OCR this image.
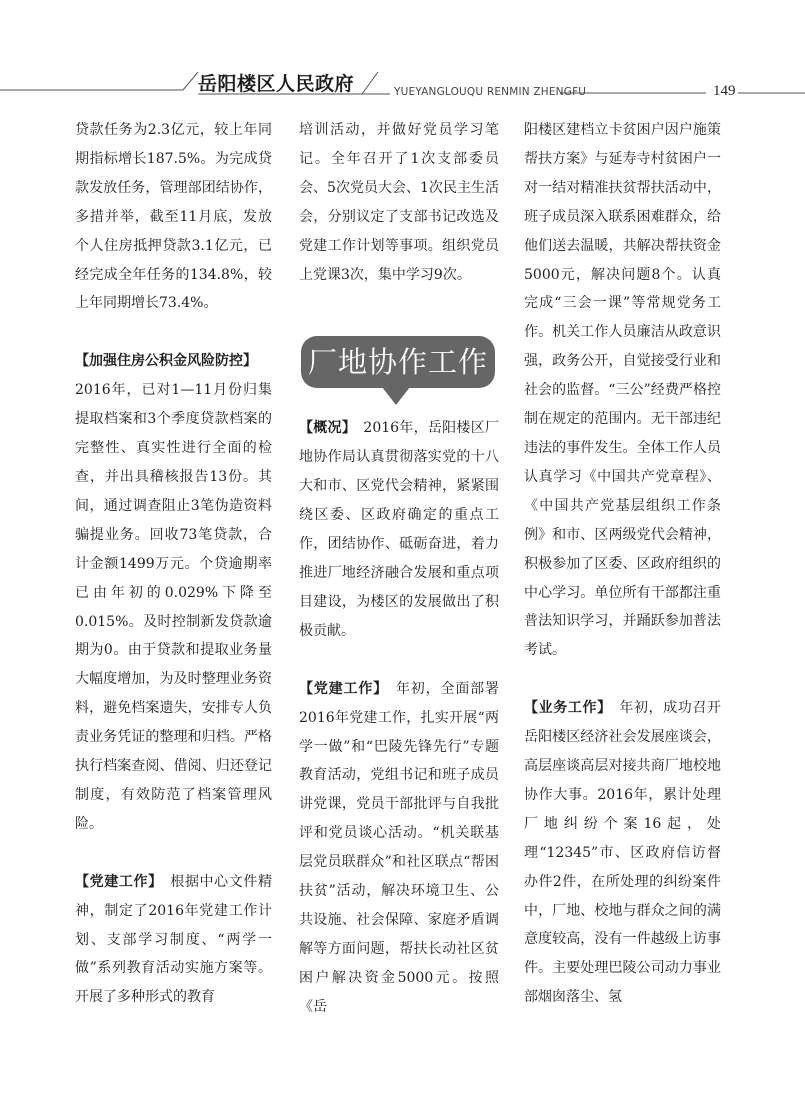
岳阳楼区人民政府	YUEYANGLOUQU RENMIN ZHENGFU	149

贷款任务为2.3亿元，较上年同期指标增长187.5%。为完成贷款发放任务，管理部团结协作，多措并举，截至11月底，发放个人住房抵押贷款3.1亿元，已经完成全年任务的134.8%，较上年同期增长73.4%。

【加强住房公积金风险防控】

2016年，已对1—11月份归集提取档案和3个季度贷款档案的完整性、真实性进行全面的检查，并出具稽核报告13份。其间，通过调查阻止3笔伪造资料骗提业务。回收73笔贷款，合计金额1499万元。个贷逾期率已由年初的0.029%下降至0.015%。及时控制新发贷款逾期为0。由于贷款和提取业务量大幅度增加，为及时整理业务资料，避免档案遗失，安排专人负责业务凭证的整理和归档。严格执行档案查阅、借阅、归还登记制度，有效防范了档案管理风险。

【党建工作】　 根据中心文件精神，制定了2016年党建工作计划、支部学习制度、“两学一做”系列教育活动实施方案等。开展了多种形式的教育

培训活动，并做好党员学习笔记。全年召开了1次支部委员会、5次党员大会、1次民主生活会，分别议定了支部书记改选及党建工作计划等事项。组织党员上党课3次，集中学习9次。

【概况】　 2016年，岳阳楼区厂地协作局认真贯彻落实党的十八大和市、区党代会精神，紧紧围绕区委、区政府确定的重点工作，团结协作、砥砺奋进，着力推进厂地经济融合发展和重点项目建设，为楼区的发展做出了积极贡献。

【党建工作】　 年初，全面部署2016年党建工作，扎实开展“两学一做”和“巴陵先锋先行”专题教育活动，党组书记和班子成员讲党课，党员干部批评与自我批评和党员谈心活动。“机关联基层党员联群众”和社区联点“帮困扶贫”活动，解决环境卫生、公共设施、社会保障、家庭矛盾调解等方面问题，帮扶长动社区贫困户解决资金5000元。按照《岳

厂地协作工作

阳楼区建档立卡贫困户因户施策帮扶方案》与延寿寺村贫困户一对一结对精准扶贫帮扶活动中，班子成员深入联系困难群众，给他们送去温暖，共解决帮扶资金5000元，解决问题8个。认真完成“三会一课”等常规党务工作。机关工作人员廉洁从政意识强，政务公开，自觉接受行业和社会的监督。“三公”经费严格控制在规定的范围内。无干部违纪违法的事件发生。全体工作人员认真学习《中国共产党章程》、《中国共产党基层组织工作条例》和市、区两级党代会精神，积极参加了区委、区政府组织的中心学习。单位所有干部都注重普法知识学习，并踊跃参加普法考试。

【业务工作】　 年初，成功召开岳阳楼区经济社会发展座谈会，高层座谈高层对接共商厂地校地协作大事。2016年，累计处理厂地纠纷个案16起，处理“12345”市、区政府信访督办件2件，在所处理的纠纷案件中，厂地、校地与群众之间的满意度较高，没有一件越级上访事件。主要处理巴陵公司动力事业部烟囱落尘、氢
